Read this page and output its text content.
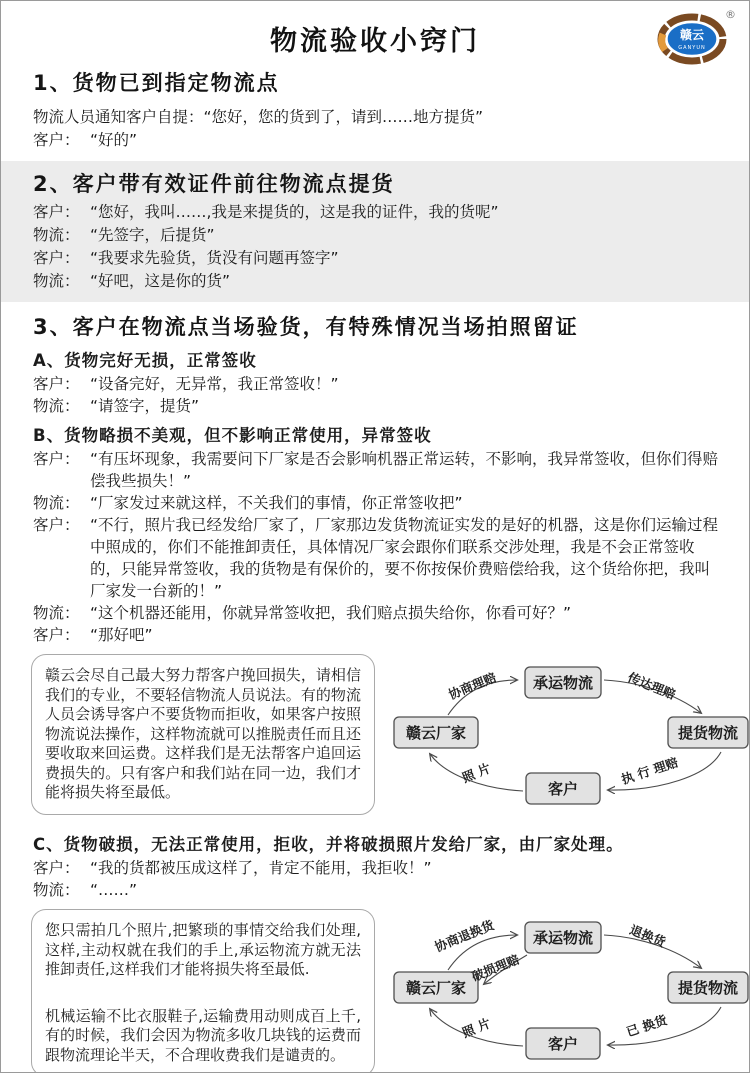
物流验收小窍门
®
赣云
GANYUN
1、货物已到指定物流点
物流人员通知客户自提： “您好，您的货到了，请到……地方提货”
客户： “好的”
2、客户带有效证件前往物流点提货
客户： “您好，我叫……,我是来提货的，这是我的证件，我的货呢”
物流： “先签字，后提货”
客户： “我要求先验货，货没有问题再签字”
物流： “好吧，这是你的货”
3、客户在物流点当场验货，有特殊情况当场拍照留证
A、货物完好无损，正常签收
客户： “设备完好，无异常，我正常签收！”
物流： “请签字，提货”
B、货物略损不美观，但不影响正常使用，异常签收
客户： “有压坏现象，我需要问下厂家是否会影响机器正常运转，不影响，我异常签收，但你们得赔偿我些损失！”
物流： “厂家发过来就这样，不关我们的事情，你正常签收把”
客户： “不行，照片我已经发给厂家了，厂家那边发货物流证实发的是好的机器，这是你们运输过程中照成的，你们不能推卸责任，具体情况厂家会跟你们联系交涉处理，我是不会正常签收的，只能异常签收，我的货物是有保价的，要不你按保价费赔偿给我，这个货给你把，我叫厂家发一台新的！”
物流： “这个机器还能用，你就异常签收把，我们赔点损失给你，你看可好？”
客户： “那好吧”
赣云会尽自己最大努力帮客户挽回损失，请相信我们的专业，不要轻信物流人员说法。有的物流人员会诱导客户不要货物而拒收，如果客户按照物流说法操作，这样物流就可以推脱责任而且还要收取来回运费。这样我们是无法帮客户追回运费损失的。只有客户和我们站在同一边，我们才能将损失将至最低。
承运物流
赣云厂家	提货物流
客户
协商理赔	传达理赔
执 行 理赔
照 片
C、货物破损，无法正常使用，拒收，并将破损照片发给厂家，由厂家处理。
客户： “我的货都被压成这样了，肯定不能用，我拒收！”
物流： “……”

您只需拍几个照片,把繁琐的事情交给我们处理,这样,主动权就在我们的手上,承运物流方就无法推卸责任,这样我们才能将损失将至最低.

机械运输不比衣服鞋子,运输费用动则成百上千,有的时候，我们会因为物流多收几块钱的运费而跟物流理论半天，不合理收费我们是谴责的。

承运物流
赣云厂家	提货物流
客户
协商退换货
破损理赔
退换货
已 换货
照 片
